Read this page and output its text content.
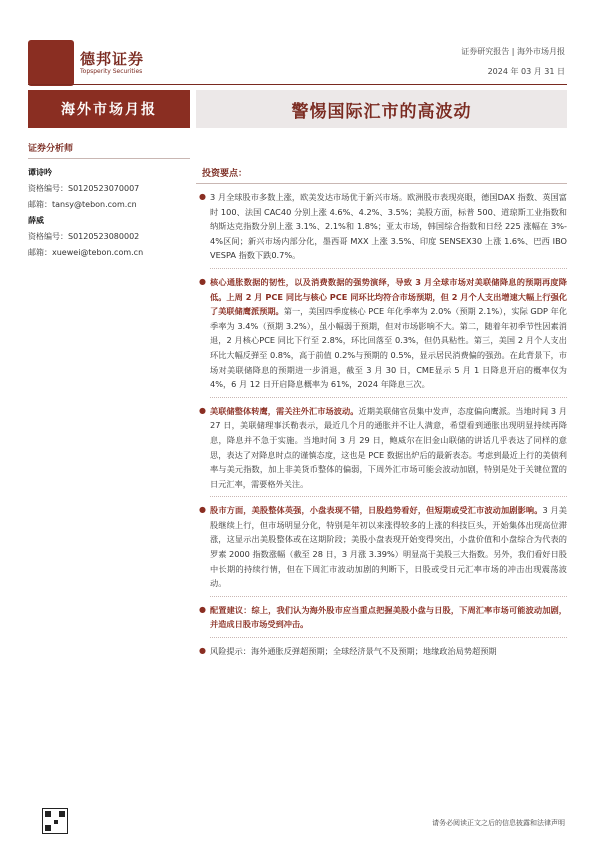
德邦证券
Topsperity Securities
证券研究报告 | 海外市场月报
2024 年 03 月 31 日
海外市场月报	警惕国际汇市的高波动
证券分析师
谭诗吟
资格编号：S0120523070007
邮箱：tansy@tebon.com.cn
薛威
资格编号：S0120523080002
邮箱：xuewei@tebon.com.cn
投资要点：
● 3 月全球股市多数上涨，欧美发达市场优于新兴市场。欧洲股市表现亮眼，德国DAX 指数、英国富时 100、法国 CAC40 分别上涨 4.6%、4.2%、3.5%；美股方面，标普 500、道琼斯工业指数和纳斯达克指数分别上涨 3.1%、2.1%和 1.8%；亚太市场，韩国综合指数和日经 225 涨幅在 3%-4%区间；新兴市场内部分化，墨西哥 MXX 上涨 3.5%、印度 SENSEX30 上涨 1.6%、巴西 IBOVESPA 指数下跌0.7%。
● 核心通胀数据的韧性，以及消费数据的强势演绎，导致 3 月全球市场对美联储降息的预期再度降低。上周 2 月 PCE 同比与核心 PCE 同环比均符合市场预期，但 2 月个人支出增速大幅上行强化了美联储鹰派预期。第一，美国四季度核心 PCE 年化季率为 2.0%（预期 2.1%），实际 GDP 年化季率为 3.4%（预期 3.2%），虽小幅弱于预期，但对市场影响不大。第二，随着年初季节性因素消退，2 月核心PCE 同比下行至 2.8%，环比回落至 0.3%，但仍具粘性。第三，美国 2 月个人支出环比大幅反弹至 0.8%，高于前值 0.2%与预期的 0.5%，显示居民消费偏的强劲。在此背景下，市场对美联储降息的预期进一步消退，截至 3 月 30 日，CME显示 5 月 1 日降息开启的概率仅为 4%，6 月 12 日开启降息概率为 61%，2024 年降息三次。
● 美联储整体转鹰，需关注外汇市场波动。近期美联储官员集中发声，态度偏向鹰派。当地时间 3 月 27 日，美联储理事沃勒表示，最近几个月的通胀并不让人满意，希望看到通胀出现明显持续再降息，降息并不急于实施。当地时间 3 月 29 日，鲍威尔在旧金山联储的讲话几乎表达了同样的意思，表达了对降息时点的谨慎态度，这也是 PCE 数据出炉后的最新表态。考虑到最近上行的美债利率与美元指数，加上非美货币整体的偏弱，下周外汇市场可能会波动加剧，特别是处于关键位置的日元汇率，需要格外关注。
● 股市方面，美股整体英强，小盘表现不错，日股趋势看好，但短期或受汇市波动加剧影响。3 月美股继续上行，但市场明显分化，特别是年初以来涨得较多的上涨的科技巨头，开始集体出现高位滞涨，这显示出美股整体或在这期阶段；美股小盘表现开始变得突出，小盘价值和小盘综合为代表的罗素 2000 指数涨幅（截至 28 日，3 月涨 3.39%）明显高于美股三大指数。另外，我们看好日股中长期的持续行情，但在下周汇市波动加剧的判断下，日股或受日元汇率市场的冲击出现震荡波动。
● 配置建议：综上，我们认为海外股市应当重点把握美股小盘与日股，下周汇率市场可能波动加剧，并造成日股市场受到冲击。
● 风险提示：海外通胀反弹超预期；全球经济景气不及预期；地缘政治局势超预期
请务必阅读正文之后的信息披露和法律声明
